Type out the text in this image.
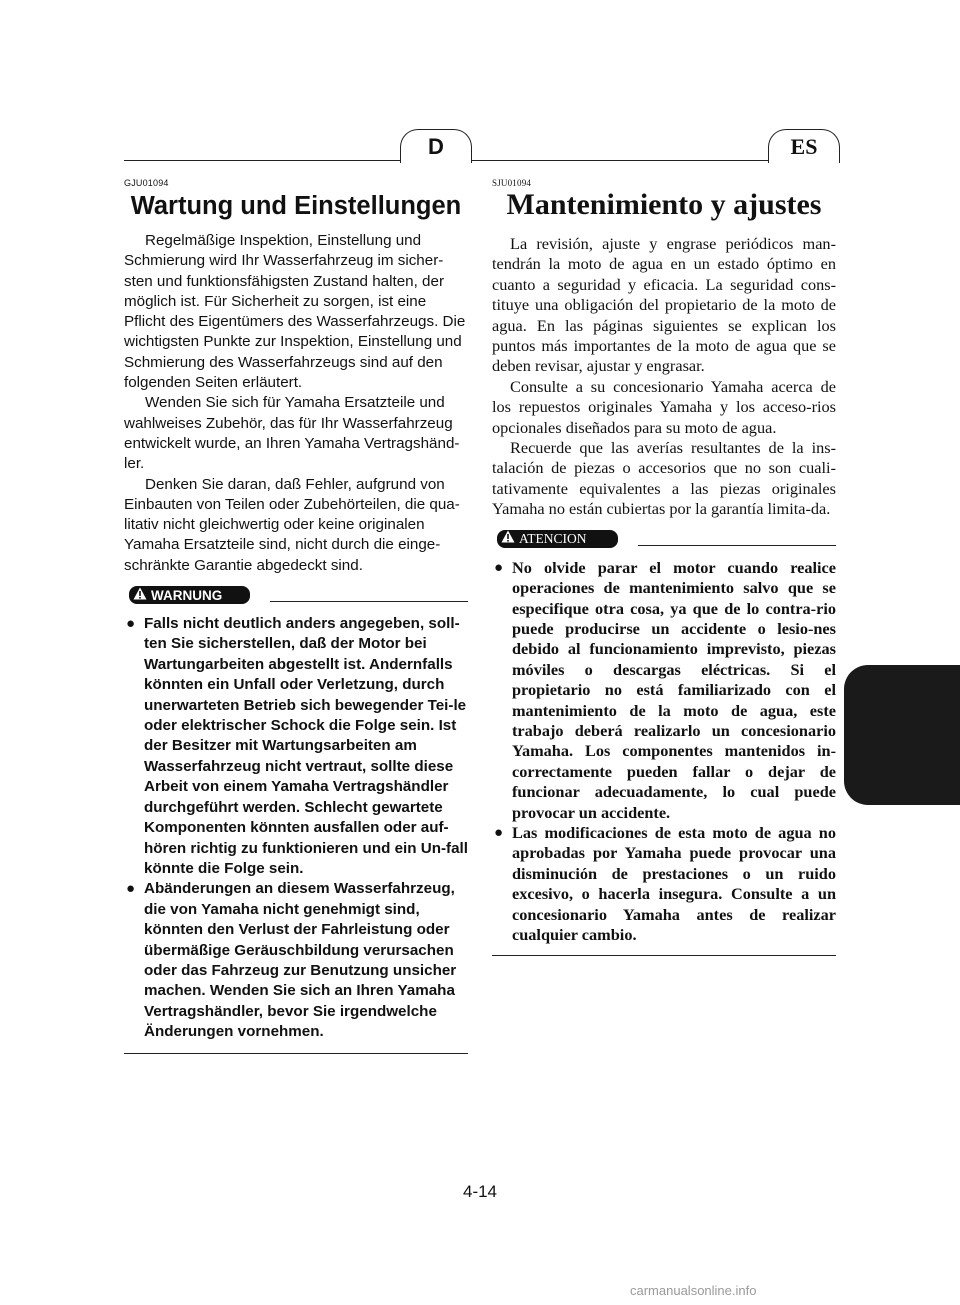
D	ES
GJU01094
Wartung und Einstellungen

Regelmäßige Inspektion, Einstellung und Schmierung wird Ihr Wasserfahrzeug im sicher-sten und funktionsfähigsten Zustand halten, der möglich ist. Für Sicherheit zu sorgen, ist eine Pflicht des Eigentümers des Wasserfahrzeugs. Die wichtigsten Punkte zur Inspektion, Einstellung und Schmierung des Wasserfahrzeugs sind auf den folgenden Seiten erläutert.

Wenden Sie sich für Yamaha Ersatzteile und wahlweises Zubehör, das für Ihr Wasserfahrzeug entwickelt wurde, an Ihren Yamaha Vertragshänd-ler.

Denken Sie daran, daß Fehler, aufgrund von Einbauten von Teilen oder Zubehörteilen, die qua-litativ nicht gleichwertig oder keine originalen Yamaha Ersatzteile sind, nicht durch die einge-schränkte Garantie abgedeckt sind.

WARNUNG
● Falls nicht deutlich anders angegeben, soll-ten Sie sicherstellen, daß der Motor bei Wartungarbeiten abgestellt ist. Andernfalls könnten ein Unfall oder Verletzung, durch unerwarteten Betrieb sich bewegender Tei-le oder elektrischer Schock die Folge sein. Ist der Besitzer mit Wartungsarbeiten am Wasserfahrzeug nicht vertraut, sollte diese Arbeit von einem Yamaha Vertragshändler durchgeführt werden. Schlecht gewartete Komponenten könnten ausfallen oder auf-hören richtig zu funktionieren und ein Un-fall könnte die Folge sein.
● Abänderungen an diesem Wasserfahrzeug, die von Yamaha nicht genehmigt sind, könnten den Verlust der Fahrleistung oder übermäßige Geräuschbildung verursachen oder das Fahrzeug zur Benutzung unsicher machen. Wenden Sie sich an Ihren Yamaha Vertragshändler, bevor Sie irgendwelche Änderungen vornehmen.
SJU01094
Mantenimiento y ajustes

La revisión, ajuste y engrase periódicos man-tendrán la moto de agua en un estado óptimo en cuanto a seguridad y eficacia. La seguridad cons-tituye una obligación del propietario de la moto de agua. En las páginas siguientes se explican los puntos más importantes de la moto de agua que se deben revisar, ajustar y engrasar.

Consulte a su concesionario Yamaha acerca de los repuestos originales Yamaha y los acceso-rios opcionales diseñados para su moto de agua.

Recuerde que las averías resultantes de la ins-talación de piezas o accesorios que no son cuali-tativamente equivalentes a las piezas originales Yamaha no están cubiertas por la garantía limita-da.

ATENCION
● No olvide parar el motor cuando realice operaciones de mantenimiento salvo que se especifique otra cosa, ya que de lo contra-rio puede producirse un accidente o lesio-nes debido al funcionamiento imprevisto, piezas móviles o descargas eléctricas. Si el propietario no está familiarizado con el mantenimiento de la moto de agua, este trabajo deberá realizarlo un concesionario Yamaha. Los componentes mantenidos in-correctamente pueden fallar o dejar de funcionar adecuadamente, lo cual puede provocar un accidente.
● Las modificaciones de esta moto de agua no aprobadas por Yamaha puede provocar una disminución de prestaciones o un ruido excesivo, o hacerla insegura. Consulte a un concesionario Yamaha antes de realizar cualquier cambio.
4-14
carmanualsonline.info
